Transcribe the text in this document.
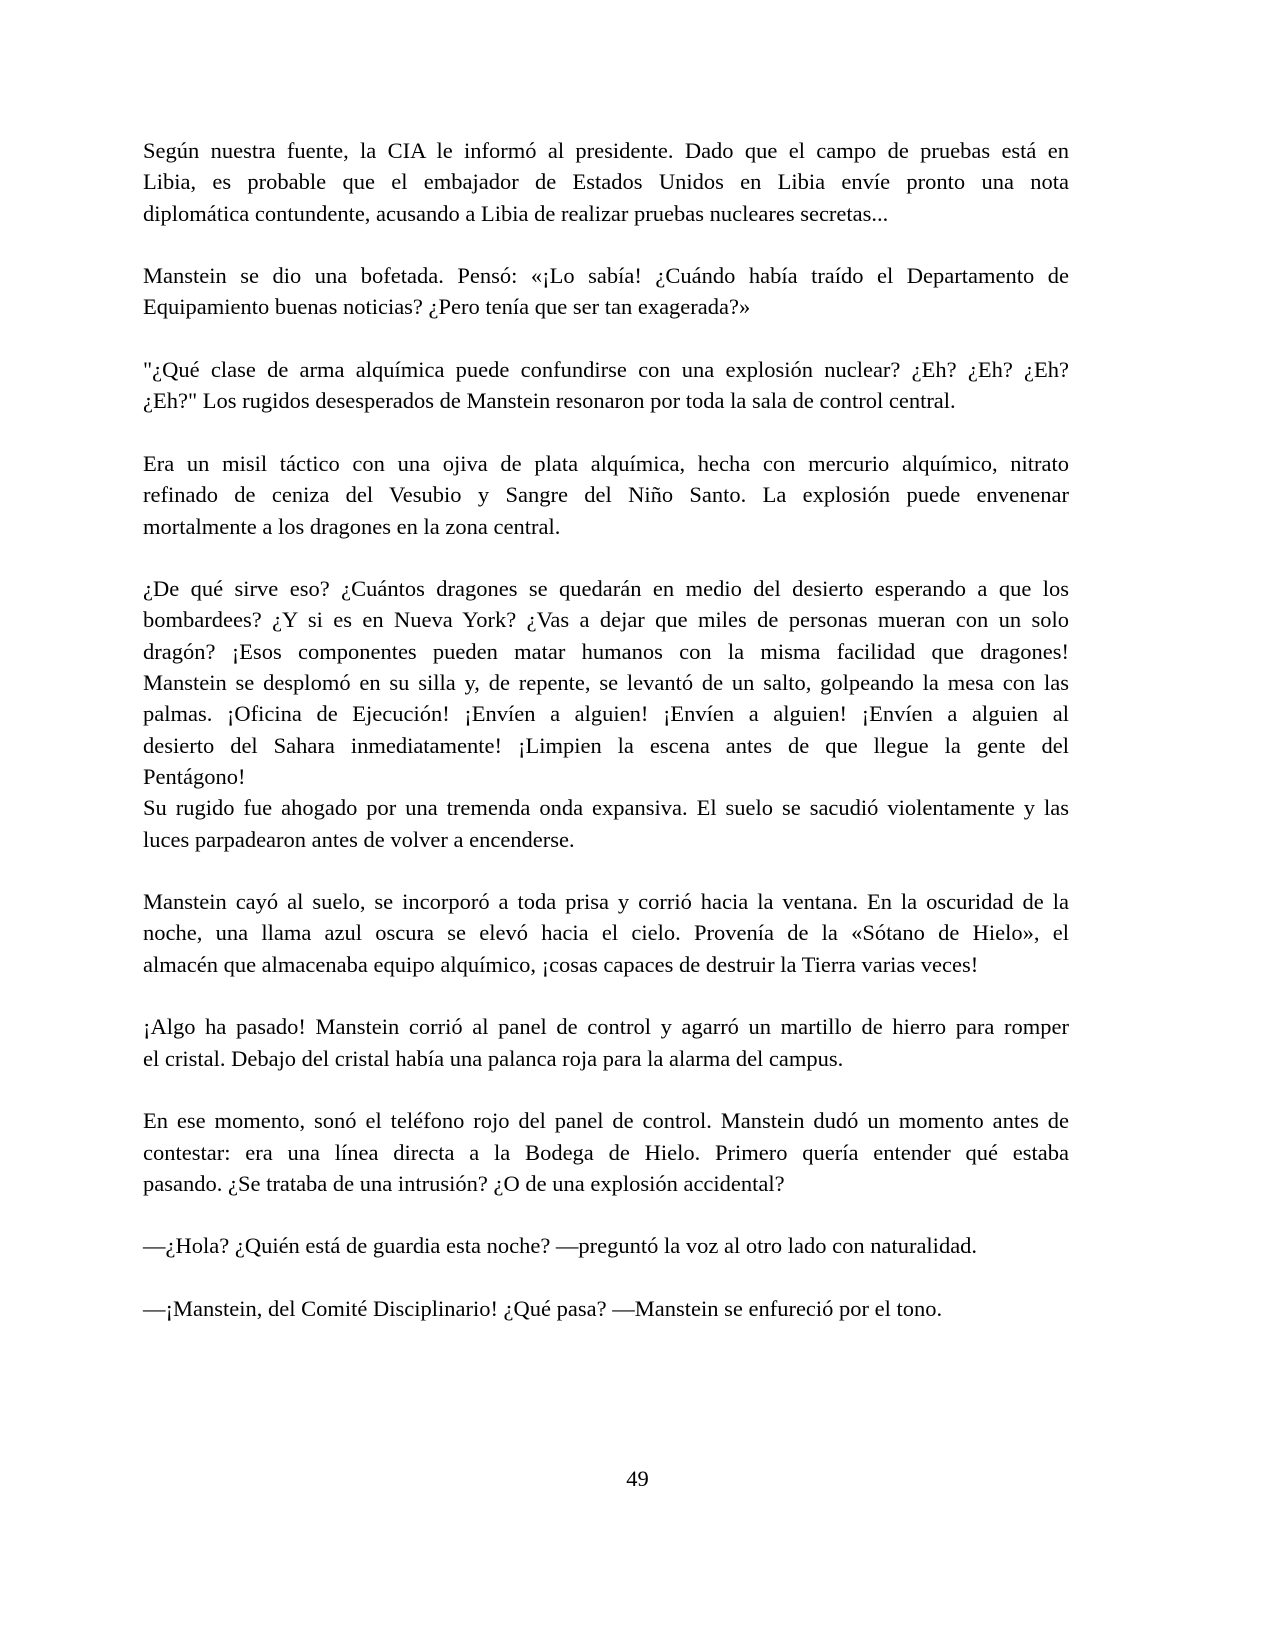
Según nuestra fuente, la CIA le informó al presidente. Dado que el campo de pruebas está en
Libia, es probable que el embajador de Estados Unidos en Libia envíe pronto una nota
diplomática contundente, acusando a Libia de realizar pruebas nucleares secretas...
Manstein se dio una bofetada. Pensó: «¡Lo sabía! ¿Cuándo había traído el Departamento de
Equipamiento buenas noticias? ¿Pero tenía que ser tan exagerada?»
"¿Qué clase de arma alquímica puede confundirse con una explosión nuclear? ¿Eh? ¿Eh? ¿Eh?
¿Eh?" Los rugidos desesperados de Manstein resonaron por toda la sala de control central.
Era un misil táctico con una ojiva de plata alquímica, hecha con mercurio alquímico, nitrato
refinado de ceniza del Vesubio y Sangre del Niño Santo. La explosión puede envenenar
mortalmente a los dragones en la zona central.
¿De qué sirve eso? ¿Cuántos dragones se quedarán en medio del desierto esperando a que los
bombardees? ¿Y si es en Nueva York? ¿Vas a dejar que miles de personas mueran con un solo
dragón? ¡Esos componentes pueden matar humanos con la misma facilidad que dragones!
Manstein se desplomó en su silla y, de repente, se levantó de un salto, golpeando la mesa con las
palmas. ¡Oficina de Ejecución! ¡Envíen a alguien! ¡Envíen a alguien! ¡Envíen a alguien al
desierto del Sahara inmediatamente! ¡Limpien la escena antes de que llegue la gente del
Pentágono!
Su rugido fue ahogado por una tremenda onda expansiva. El suelo se sacudió violentamente y las
luces parpadearon antes de volver a encenderse.
Manstein cayó al suelo, se incorporó a toda prisa y corrió hacia la ventana. En la oscuridad de la
noche, una llama azul oscura se elevó hacia el cielo. Provenía de la «Sótano de Hielo», el
almacén que almacenaba equipo alquímico, ¡cosas capaces de destruir la Tierra varias veces!
¡Algo ha pasado! Manstein corrió al panel de control y agarró un martillo de hierro para romper
el cristal. Debajo del cristal había una palanca roja para la alarma del campus.
En ese momento, sonó el teléfono rojo del panel de control. Manstein dudó un momento antes de
contestar: era una línea directa a la Bodega de Hielo. Primero quería entender qué estaba
pasando. ¿Se trataba de una intrusión? ¿O de una explosión accidental?
—¿Hola? ¿Quién está de guardia esta noche? —preguntó la voz al otro lado con naturalidad.
—¡Manstein, del Comité Disciplinario! ¿Qué pasa? —Manstein se enfureció por el tono.
49
